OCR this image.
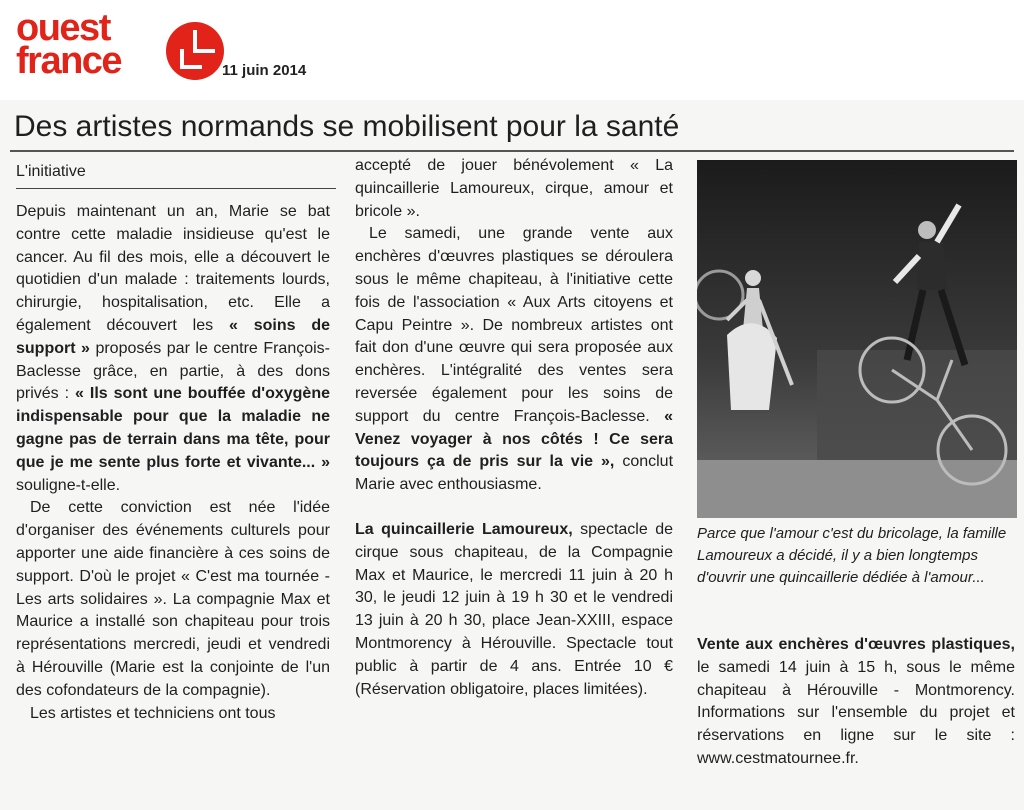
ouest
france	11 juin 2014
Des artistes normands se mobilisent pour la santé
L'initiative

Depuis maintenant un an, Marie se bat contre cette maladie insidieuse qu'est le cancer. Au fil des mois, elle a découvert le quotidien d'un malade : traitements lourds, chirurgie, hospitalisation, etc. Elle a également découvert les « soins de support » proposés par le centre François-Baclesse grâce, en partie, à des dons privés : « Ils sont une bouffée d'oxygène indispensable pour que la maladie ne gagne pas de terrain dans ma tête, pour que je me sente plus forte et vivante... » souligne-t-elle.

De cette conviction est née l'idée d'organiser des événements culturels pour apporter une aide financière à ces soins de support. D'où le projet « C'est ma tournée - Les arts solidaires ». La compagnie Max et Maurice a installé son chapiteau pour trois représentations mercredi, jeudi et vendredi à Hérouville (Marie est la conjointe de l'un des cofondateurs de la compagnie).

Les artistes et techniciens ont tous

accepté de jouer bénévolement « La quincaillerie Lamoureux, cirque, amour et bricole ».

Le samedi, une grande vente aux enchères d'œuvres plastiques se déroulera sous le même chapiteau, à l'initiative cette fois de l'association « Aux Arts citoyens et Capu Peintre ». De nombreux artistes ont fait don d'une œuvre qui sera proposée aux enchères. L'intégralité des ventes sera reversée également pour les soins de support du centre François-Baclesse. « Venez voyager à nos côtés ! Ce sera toujours ça de pris sur la vie », conclut Marie avec enthousiasme.

La quincaillerie Lamoureux, spectacle de cirque sous chapiteau, de la Compagnie Max et Maurice, le mercredi 11 juin à 20 h 30, le jeudi 12 juin à 19 h 30 et le vendredi 13 juin à 20 h 30, place Jean-XXIII, espace Montmorency à Hérouville. Spectacle tout public à partir de 4 ans. Entrée 10 € (Réservation obligatoire, places limitées).

Parce que l'amour c'est du bricolage, la famille Lamoureux a décidé, il y a bien longtemps d'ouvrir une quincaillerie dédiée à l'amour...

Vente aux enchères d'œuvres plastiques, le samedi 14 juin à 15 h, sous le même chapiteau à Hérouville - Montmorency. Informations sur l'ensemble du projet et réservations en ligne sur le site : www.cestmatournee.fr.
